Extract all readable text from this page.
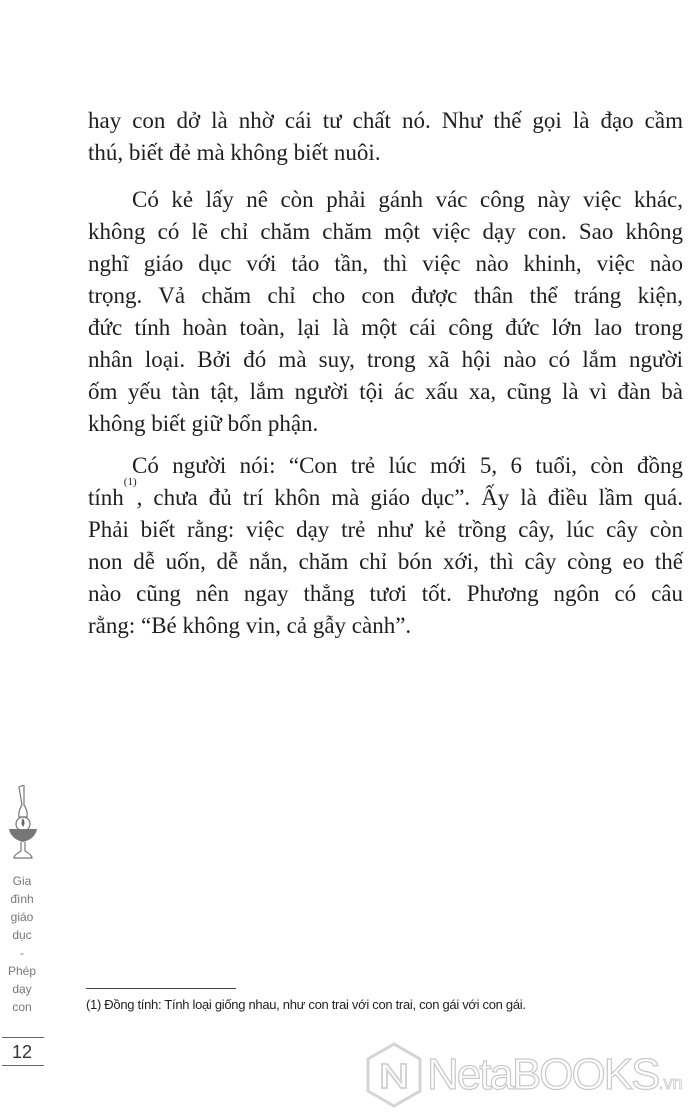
hay con dở là nhờ cái tư chất nó. Như thế gọi là đạo cầm
thú, biết đẻ mà không biết nuôi.
Có kẻ lấy nê còn phải gánh vác công này việc khác,
không có lẽ chỉ chăm chăm một việc dạy con. Sao không
nghĩ giáo dục với tảo tần, thì việc nào khinh, việc nào
trọng. Vả chăm chỉ cho con được thân thể tráng kiện,
đức tính hoàn toàn, lại là một cái công đức lớn lao trong
nhân loại. Bởi đó mà suy, trong xã hội nào có lắm người
ốm yếu tàn tật, lắm người tội ác xấu xa, cũng là vì đàn bà
không biết giữ bổn phận.
Có người nói: “Con trẻ lúc mới 5, 6 tuổi, còn đồng
tính
(1)
, chưa đủ trí khôn mà giáo dục”. Ấy là điều lầm quá.
Phải biết rằng: việc dạy trẻ như kẻ trồng cây, lúc cây còn
non dễ uốn, dễ nắn, chăm chỉ bón xới, thì cây còng eo thế
nào cũng nên ngay thẳng tươi tốt. Phương ngôn có câu
rằng: “Bé không vin, cả gẫy cành”.
Gia
đình
giáo
dục
-
Phép
dạy
con
12
(1) Đồng tính: Tính loại giống nhau, như con trai với con trai, con gái với con gái.
NetaBOOKS.vn
